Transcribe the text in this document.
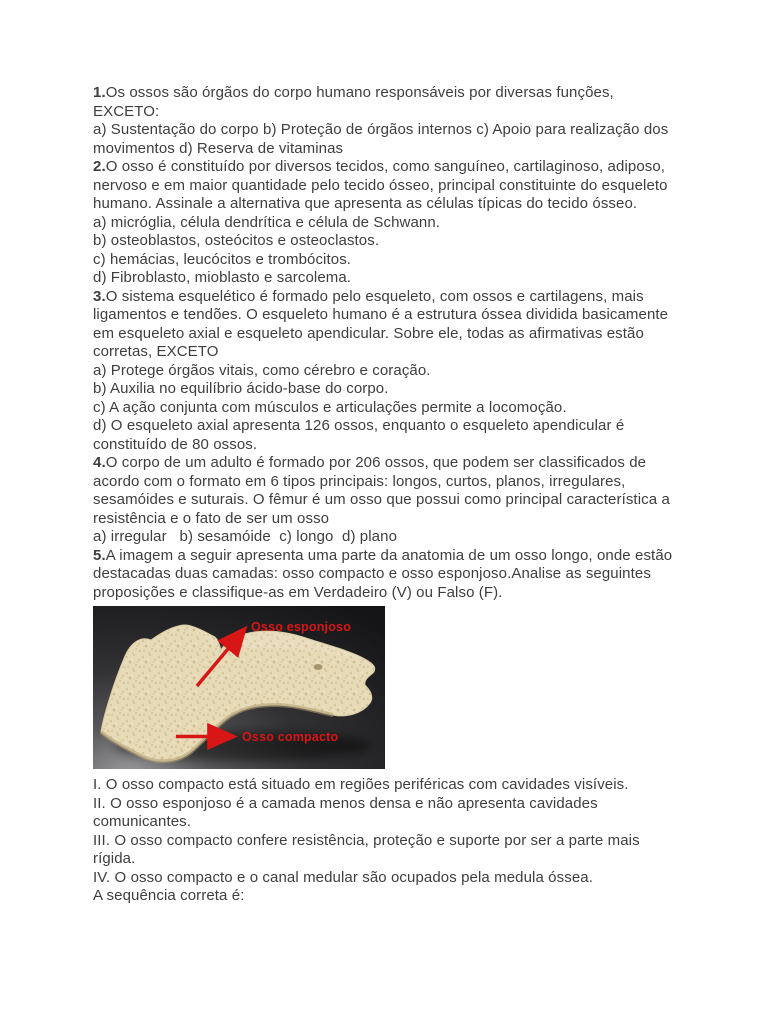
1.Os ossos são órgãos do corpo humano responsáveis por diversas funções, EXCETO:

a) Sustentação do corpo b) Proteção de órgãos internos c) Apoio para realização dos movimentos d) Reserva de vitaminas

2.O osso é constituído por diversos tecidos, como sanguíneo, cartilaginoso, adiposo, nervoso e em maior quantidade pelo tecido ósseo, principal constituinte do esqueleto humano. Assinale a alternativa que apresenta as células típicas do tecido ósseo.

a) micróglia, célula dendrítica e célula de Schwann.

b) osteoblastos, osteócitos e osteoclastos.

c) hemácias, leucócitos e trombócitos.

d) Fibroblasto, mioblasto e sarcolema.

3.O sistema esquelético é formado pelo esqueleto, com ossos e cartilagens, mais ligamentos e tendões. O esqueleto humano é a estrutura óssea dividida basicamente em esqueleto axial e esqueleto apendicular. Sobre ele, todas as afirmativas estão corretas, EXCETO

a) Protege órgãos vitais, como cérebro e coração.

b) Auxilia no equilíbrio ácido-base do corpo.

c) A ação conjunta com músculos e articulações permite a locomoção.

d) O esqueleto axial apresenta 126 ossos, enquanto o esqueleto apendicular é constituído de 80 ossos.

4.O corpo de um adulto é formado por 206 ossos, que podem ser classificados de acordo com o formato em 6 tipos principais: longos, curtos, planos, irregulares, sesamóides e suturais. O fêmur é um osso que possui como principal característica a resistência e o fato de ser um osso

a) irregular   b) sesamóide  c) longo  d) plano

5.A imagem a seguir apresenta uma parte da anatomia de um osso longo, onde estão destacadas duas camadas: osso compacto e osso esponjoso.Analise as seguintes proposições e classifique-as em Verdadeiro (V) ou Falso (F).

Osso esponjoso
Osso compacto

I. O osso compacto está situado em regiões periféricas com cavidades visíveis.

II. O osso esponjoso é a camada menos densa e não apresenta cavidades comunicantes.

III. O osso compacto confere resistência, proteção e suporte por ser a parte mais rígida.

IV. O osso compacto e o canal medular são ocupados pela medula óssea.

A sequência correta é:
